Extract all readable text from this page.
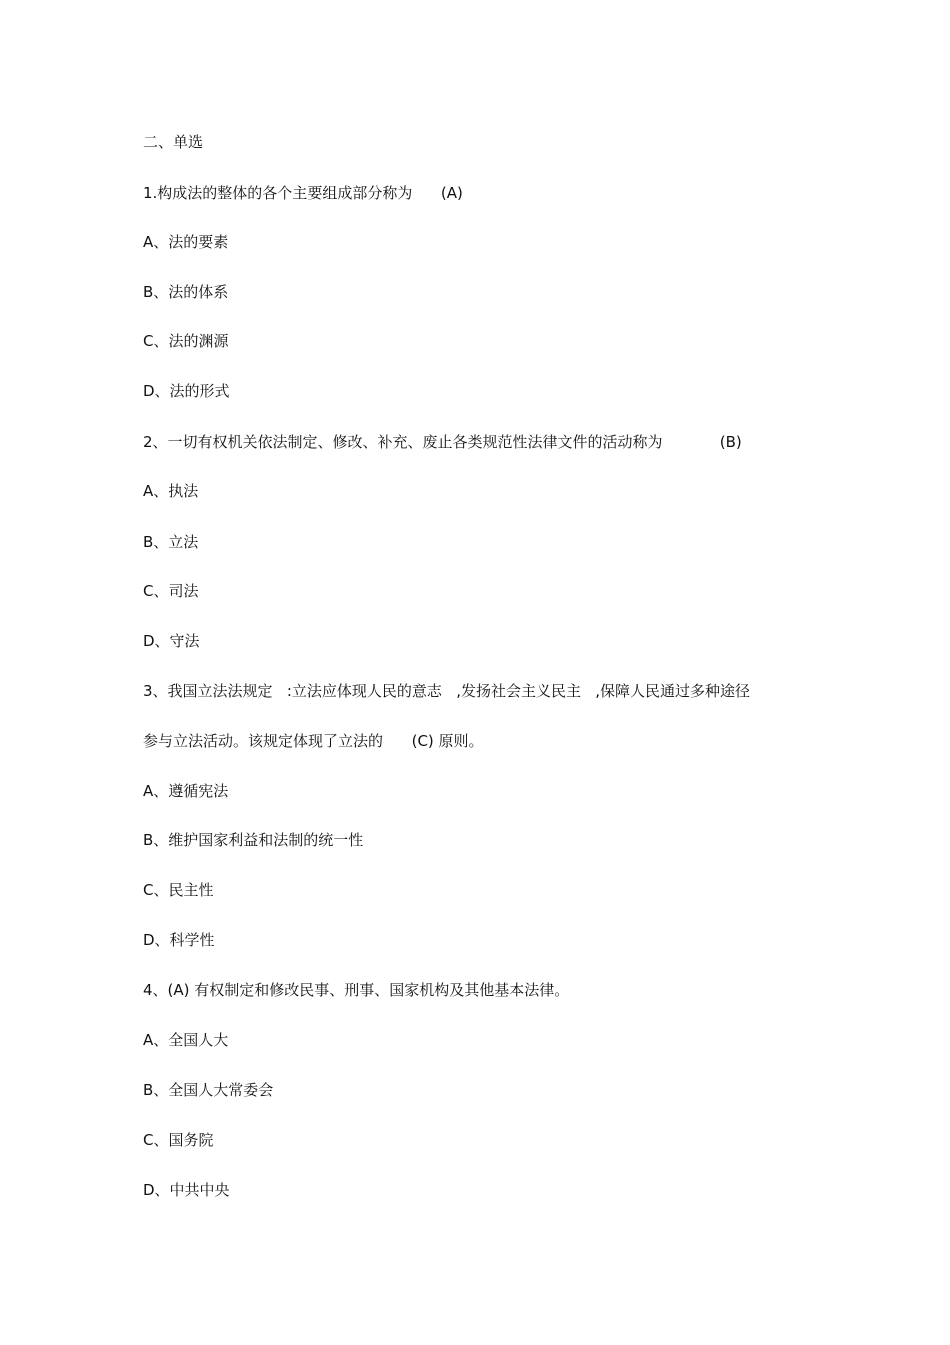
二、单选
1.构成法的整体的各个主要组成部分称为      (A)
A、法的要素
B、法的体系
C、法的渊源
D、法的形式
2、一切有权机关依法制定、修改、补充、废止各类规范性法律文件的活动称为            (B)
A、执法
B、立法
C、司法
D、守法
3、我国立法法规定   :立法应体现人民的意志   ,发扬社会主义民主   ,保障人民通过多种途径
参与立法活动。该规定体现了立法的      (C) 原则。
A、遵循宪法
B、维护国家利益和法制的统一性
C、民主性
D、科学性
4、(A) 有权制定和修改民事、刑事、国家机构及其他基本法律。
A、全国人大
B、全国人大常委会
C、国务院
D、中共中央
